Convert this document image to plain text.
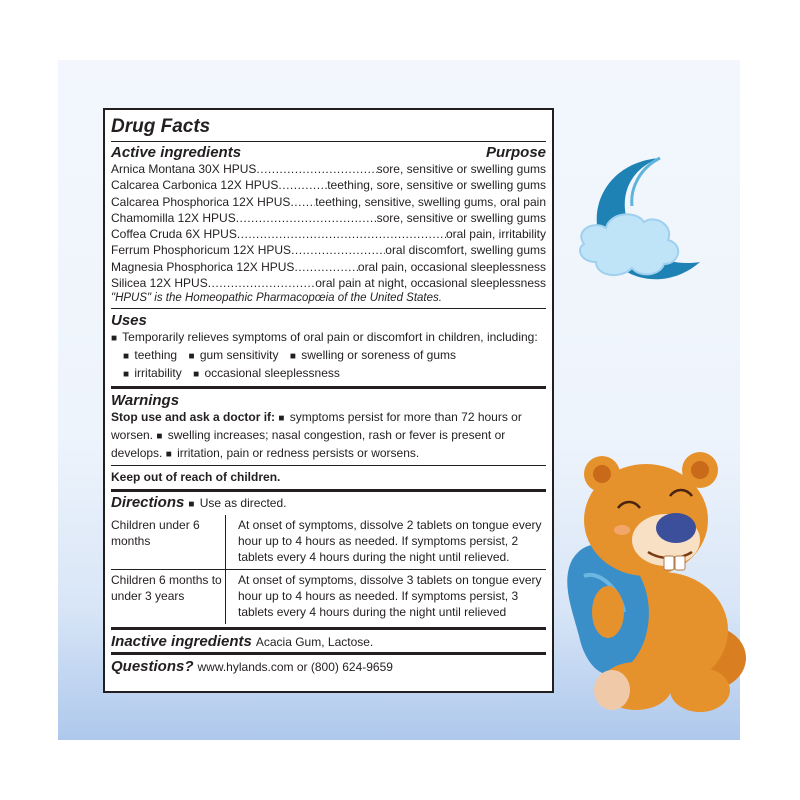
Drug Facts
Active ingredients	Purpose
Arnica Montana 30X HPUS .....	sore, sensitive or swelling gums
Calcarea Carbonica 12X HPUS .....	teething, sore, sensitive or swelling gums
Calcarea Phosphorica 12X HPUS ..... teething, sensitive, swelling gums, oral pain
Chamomilla 12X HPUS .....	sore, sensitive or swelling gums
Coffea Cruda 6X HPUS .....	oral pain, irritability
Ferrum Phosphoricum 12X HPUS .....	oral discomfort, swelling gums
Magnesia Phosphorica 12X HPUS .....	oral pain, occasional sleeplessness
Silicea 12X HPUS .....	oral pain at night, occasional sleeplessness
"HPUS" is the Homeopathic Pharmacopœia of the United States.
Uses
■ Temporarily relieves symptoms of oral pain or discomfort in children, including:
■ teething ■ gum sensitivity ■ swelling or soreness of gums
■ irritability ■ occasional sleeplessness
Warnings
Stop use and ask a doctor if: ■ symptoms persist for more than 72 hours or worsen. ■ swelling increases; nasal congestion, rash or fever is present or develops. ■ irritation, pain or redness persists or worsens.
Keep out of reach of children.
Directions ■ Use as directed.
Children under 6 months	At onset of symptoms, dissolve 2 tablets on tongue every hour up to 4 hours as needed. If symptoms persist, 2 tablets every 4 hours during the night until relieved.
Children 6 months to under 3 years	At onset of symptoms, dissolve 3 tablets on tongue every hour up to 4 hours as needed. If symptoms persist, 3 tablets every 4 hours during the night until relieved
Inactive ingredients Acacia Gum, Lactose.
Questions? www.hylands.com or (800) 624-9659
